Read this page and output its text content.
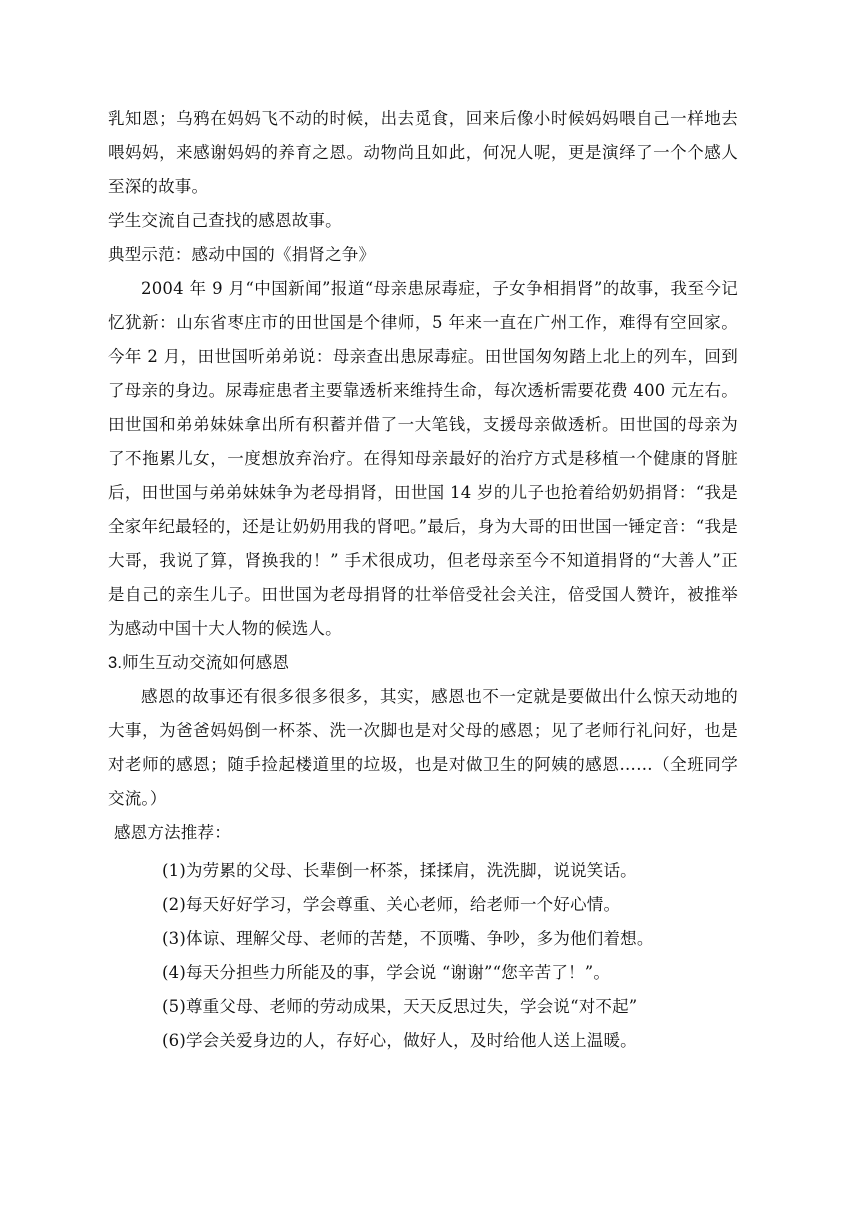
乳知恩；乌鸦在妈妈飞不动的时候，出去觅食，回来后像小时候妈妈喂自己一样地去喂妈妈，来感谢妈妈的养育之恩。动物尚且如此，何况人呢，更是演绎了一个个感人至深的故事。

学生交流自己查找的感恩故事。

典型示范：感动中国的《捐肾之争》

2004 年 9 月“中国新闻”报道“母亲患尿毒症，子女争相捐肾”的故事，我至今记忆犹新：山东省枣庄市的田世国是个律师，5 年来一直在广州工作，难得有空回家。今年 2 月，田世国听弟弟说：母亲查出患尿毒症。田世国匆匆踏上北上的列车，回到了母亲的身边。尿毒症患者主要靠透析来维持生命，每次透析需要花费 400 元左右。田世国和弟弟妹妹拿出所有积蓄并借了一大笔钱，支援母亲做透析。田世国的母亲为了不拖累儿女，一度想放弃治疗。在得知母亲最好的治疗方式是移植一个健康的肾脏后，田世国与弟弟妹妹争为老母捐肾，田世国 14 岁的儿子也抢着给奶奶捐肾：“我是全家年纪最轻的，还是让奶奶用我的肾吧。”最后，身为大哥的田世国一锤定音：“我是大哥，我说了算，肾换我的！” 手术很成功，但老母亲至今不知道捐肾的“大善人”正是自己的亲生儿子。田世国为老母捐肾的壮举倍受社会关注，倍受国人赞许，被推举为感动中国十大人物的候选人。

3.师生互动交流如何感恩

感恩的故事还有很多很多很多，其实，感恩也不一定就是要做出什么惊天动地的大事，为爸爸妈妈倒一杯茶、洗一次脚也是对父母的感恩；见了老师行礼问好，也是对老师的感恩；随手捡起楼道里的垃圾，也是对做卫生的阿姨的感恩……（全班同学交流。）

感恩方法推荐：

(1)为劳累的父母、长辈倒一杯茶，揉揉肩，洗洗脚，说说笑话。
(2)每天好好学习，学会尊重、关心老师，给老师一个好心情。
(3)体谅、理解父母、老师的苦楚，不顶嘴、争吵，多为他们着想。
(4)每天分担些力所能及的事，学会说 “谢谢”“您辛苦了！”。
(5)尊重父母、老师的劳动成果，天天反思过失，学会说“对不起”
(6)学会关爱身边的人，存好心，做好人，及时给他人送上温暖。
